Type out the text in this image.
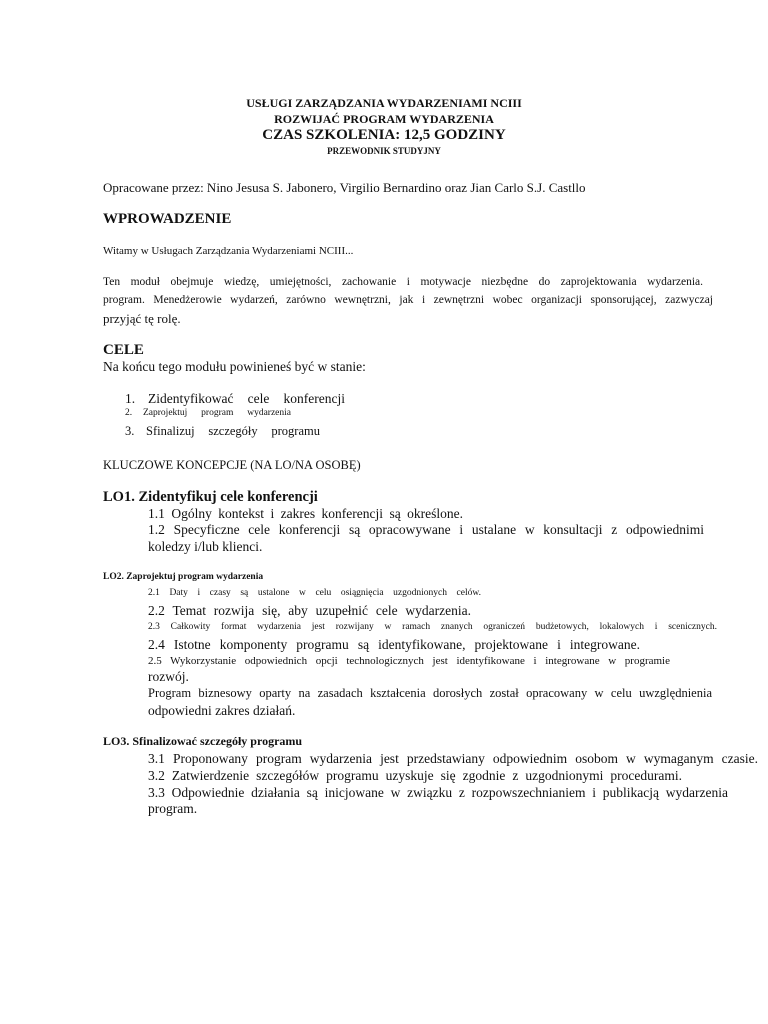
USŁUGI ZARZĄDZANIA WYDARZENIAMI NCIII
ROZWIJAĆ PROGRAM WYDARZENIA
CZAS SZKOLENIA: 12,5 GODZINY
PRZEWODNIK STUDYJNY
Opracowane przez: Nino Jesusa S. Jabonero, Virgilio Bernardino oraz Jian Carlo S.J. Castllo
WPROWADZENIE
Witamy w Usługach Zarządzania Wydarzeniami NCIII...
Ten moduł obejmuje wiedzę, umiejętności, zachowanie i motywacje niezbędne do zaprojektowania wydarzenia.
program. Menedżerowie wydarzeń, zarówno wewnętrzni, jak i zewnętrzni wobec organizacji sponsorującej, zazwyczaj
przyjąć tę rolę.
CELE
Na końcu tego modułu powinieneś być w stanie:
1. Zidentyfikować cele konferencji
2. Zaprojektuj program wydarzenia
3. Sfinalizuj szczegóły programu
KLUCZOWE KONCEPCJE (NA LO/NA OSOBĘ)
LO1. Zidentyfikuj cele konferencji
1.1 Ogólny kontekst i zakres konferencji są określone.
1.2 Specyficzne cele konferencji są opracowywane i ustalane w konsultacji z odpowiednimi
koledzy i/lub klienci.
LO2. Zaprojektuj program wydarzenia
2.1 Daty i czasy są ustalone w celu osiągnięcia uzgodnionych celów.
2.2 Temat rozwija się, aby uzupełnić cele wydarzenia.
2.3 Całkowity format wydarzenia jest rozwijany w ramach znanych ograniczeń budżetowych, lokalowych i scenicznych.
2.4 Istotne komponenty programu są identyfikowane, projektowane i integrowane.
2.5 Wykorzystanie odpowiednich opcji technologicznych jest identyfikowane i integrowane w programie
rozwój.
Program biznesowy oparty na zasadach kształcenia dorosłych został opracowany w celu uwzględnienia
odpowiedni zakres działań.
LO3. Sfinalizować szczegóły programu
3.1 Proponowany program wydarzenia jest przedstawiany odpowiednim osobom w wymaganym czasie.
3.2 Zatwierdzenie szczegółów programu uzyskuje się zgodnie z uzgodnionymi procedurami.
3.3 Odpowiednie działania są inicjowane w związku z rozpowszechnianiem i publikacją wydarzenia
program.
